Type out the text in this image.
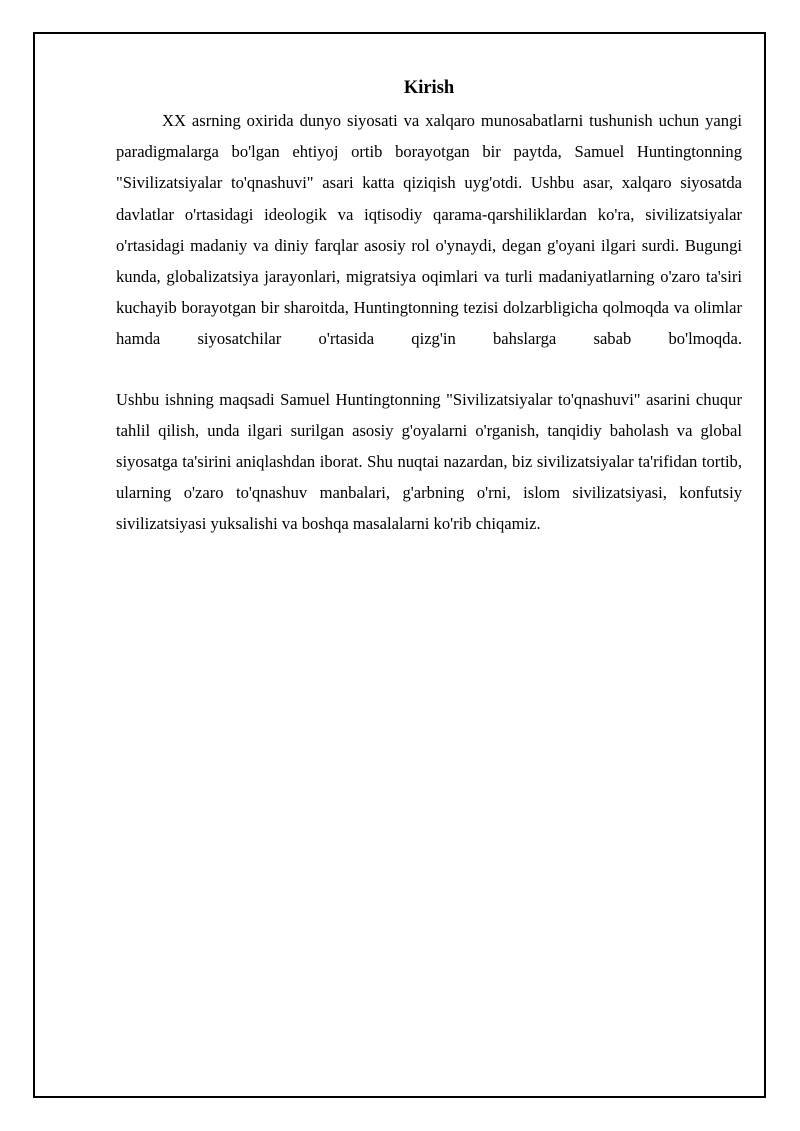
Kirish

XX asrning oxirida dunyo siyosati va xalqaro munosabatlarni tushunish uchun yangi paradigmalarga bo'lgan ehtiyoj ortib borayotgan bir paytda, Samuel Huntingtonning "Sivilizatsiyalar to'qnashuvi" asari katta qiziqish uyg'otdi. Ushbu asar, xalqaro siyosatda davlatlar o'rtasidagi ideologik va iqtisodiy qarama-qarshiliklardan ko'ra, sivilizatsiyalar o'rtasidagi madaniy va diniy farqlar asosiy rol o'ynaydi, degan g'oyani ilgari surdi. Bugungi kunda, globalizatsiya jarayonlari, migratsiya oqimlari va turli madaniyatlarning o'zaro ta'siri kuchayib borayotgan bir sharoitda, Huntingtonning tezisi dolzarbligicha qolmoqda va olimlar hamda siyosatchilar o'rtasida qizg'in bahslarga sabab bo'lmoqda.

Ushbu ishning maqsadi Samuel Huntingtonning "Sivilizatsiyalar to'qnashuvi" asarini chuqur tahlil qilish, unda ilgari surilgan asosiy g'oyalarni o'rganish, tanqidiy baholash va global siyosatga ta'sirini aniqlashdan iborat. Shu nuqtai nazardan, biz sivilizatsiyalar ta'rifidan tortib, ularning o'zaro to'qnashuv manbalari, g'arbning o'rni, islom sivilizatsiyasi, konfutsiy sivilizatsiyasi yuksalishi va boshqa masalalarni ko'rib chiqamiz.
